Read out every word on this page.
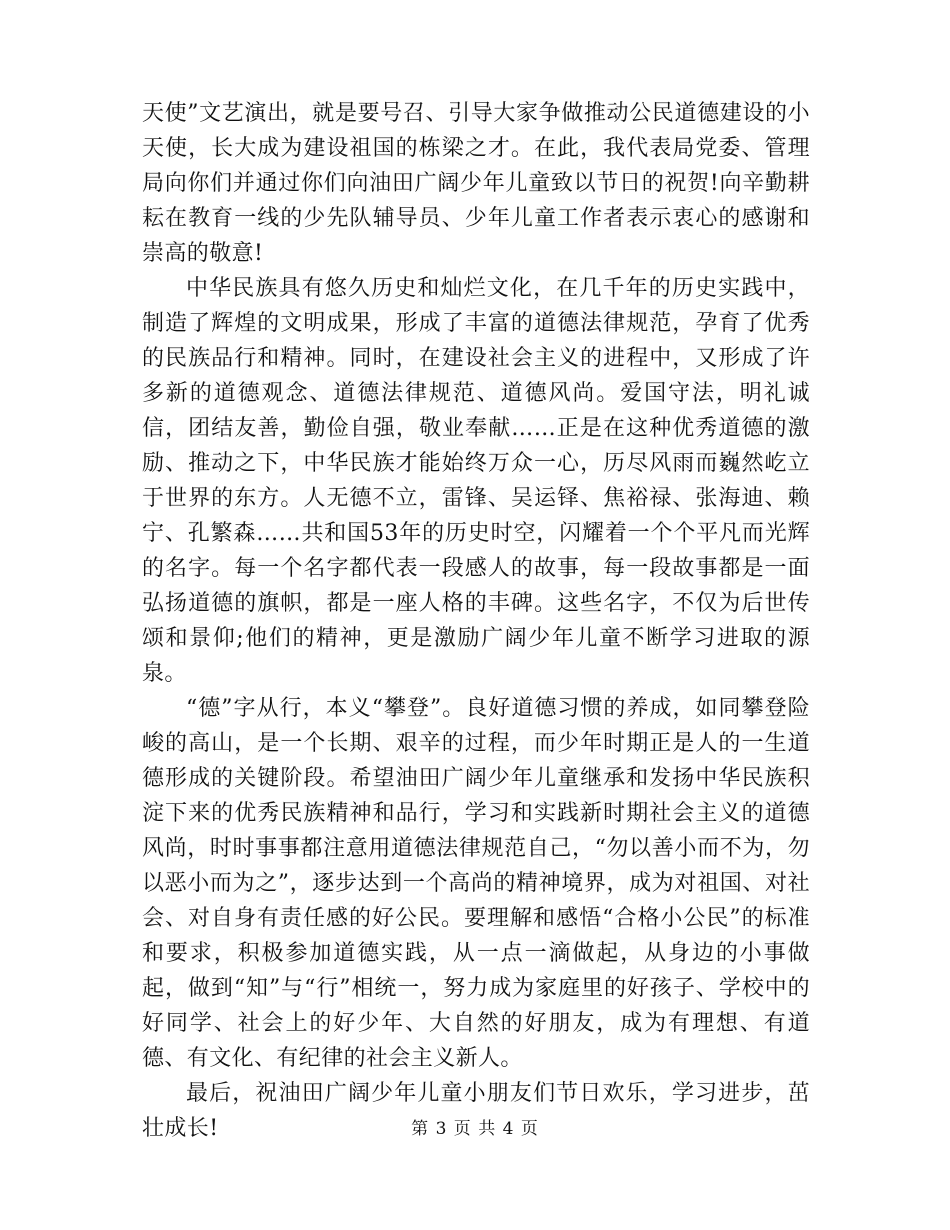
天使”文艺演出，就是要号召、引导大家争做推动公民道德建设的小天使，长大成为建设祖国的栋梁之才。在此，我代表局党委、管理局向你们并通过你们向油田广阔少年儿童致以节日的祝贺!向辛勤耕耘在教育一线的少先队辅导员、少年儿童工作者表示衷心的感谢和崇高的敬意!

中华民族具有悠久历史和灿烂文化，在几千年的历史实践中，制造了辉煌的文明成果，形成了丰富的道德法律规范，孕育了优秀的民族品行和精神。同时，在建设社会主义的进程中，又形成了许多新的道德观念、道德法律规范、道德风尚。爱国守法，明礼诚信，团结友善，勤俭自强，敬业奉献……正是在这种优秀道德的激励、推动之下，中华民族才能始终万众一心，历尽风雨而巍然屹立于世界的东方。人无德不立，雷锋、吴运铎、焦裕禄、张海迪、赖宁、孔繁森……共和国53年的历史时空，闪耀着一个个平凡而光辉的名字。每一个名字都代表一段感人的故事，每一段故事都是一面弘扬道德的旗帜，都是一座人格的丰碑。这些名字，不仅为后世传颂和景仰;他们的精神，更是激励广阔少年儿童不断学习进取的源泉。

“德”字从行，本义“攀登”。良好道德习惯的养成，如同攀登险峻的高山，是一个长期、艰辛的过程，而少年时期正是人的一生道德形成的关键阶段。希望油田广阔少年儿童继承和发扬中华民族积淀下来的优秀民族精神和品行，学习和实践新时期社会主义的道德风尚，时时事事都注意用道德法律规范自己，“勿以善小而不为，勿以恶小而为之”，逐步达到一个高尚的精神境界，成为对祖国、对社会、对自身有责任感的好公民。要理解和感悟“合格小公民”的标准和要求，积极参加道德实践，从一点一滴做起，从身边的小事做起，做到“知”与“行”相统一，努力成为家庭里的好孩子、学校中的好同学、社会上的好少年、大自然的好朋友，成为有理想、有道德、有文化、有纪律的社会主义新人。

最后，祝油田广阔少年儿童小朋友们节日欢乐，学习进步，茁壮成长!	第 3 页 共 4 页
